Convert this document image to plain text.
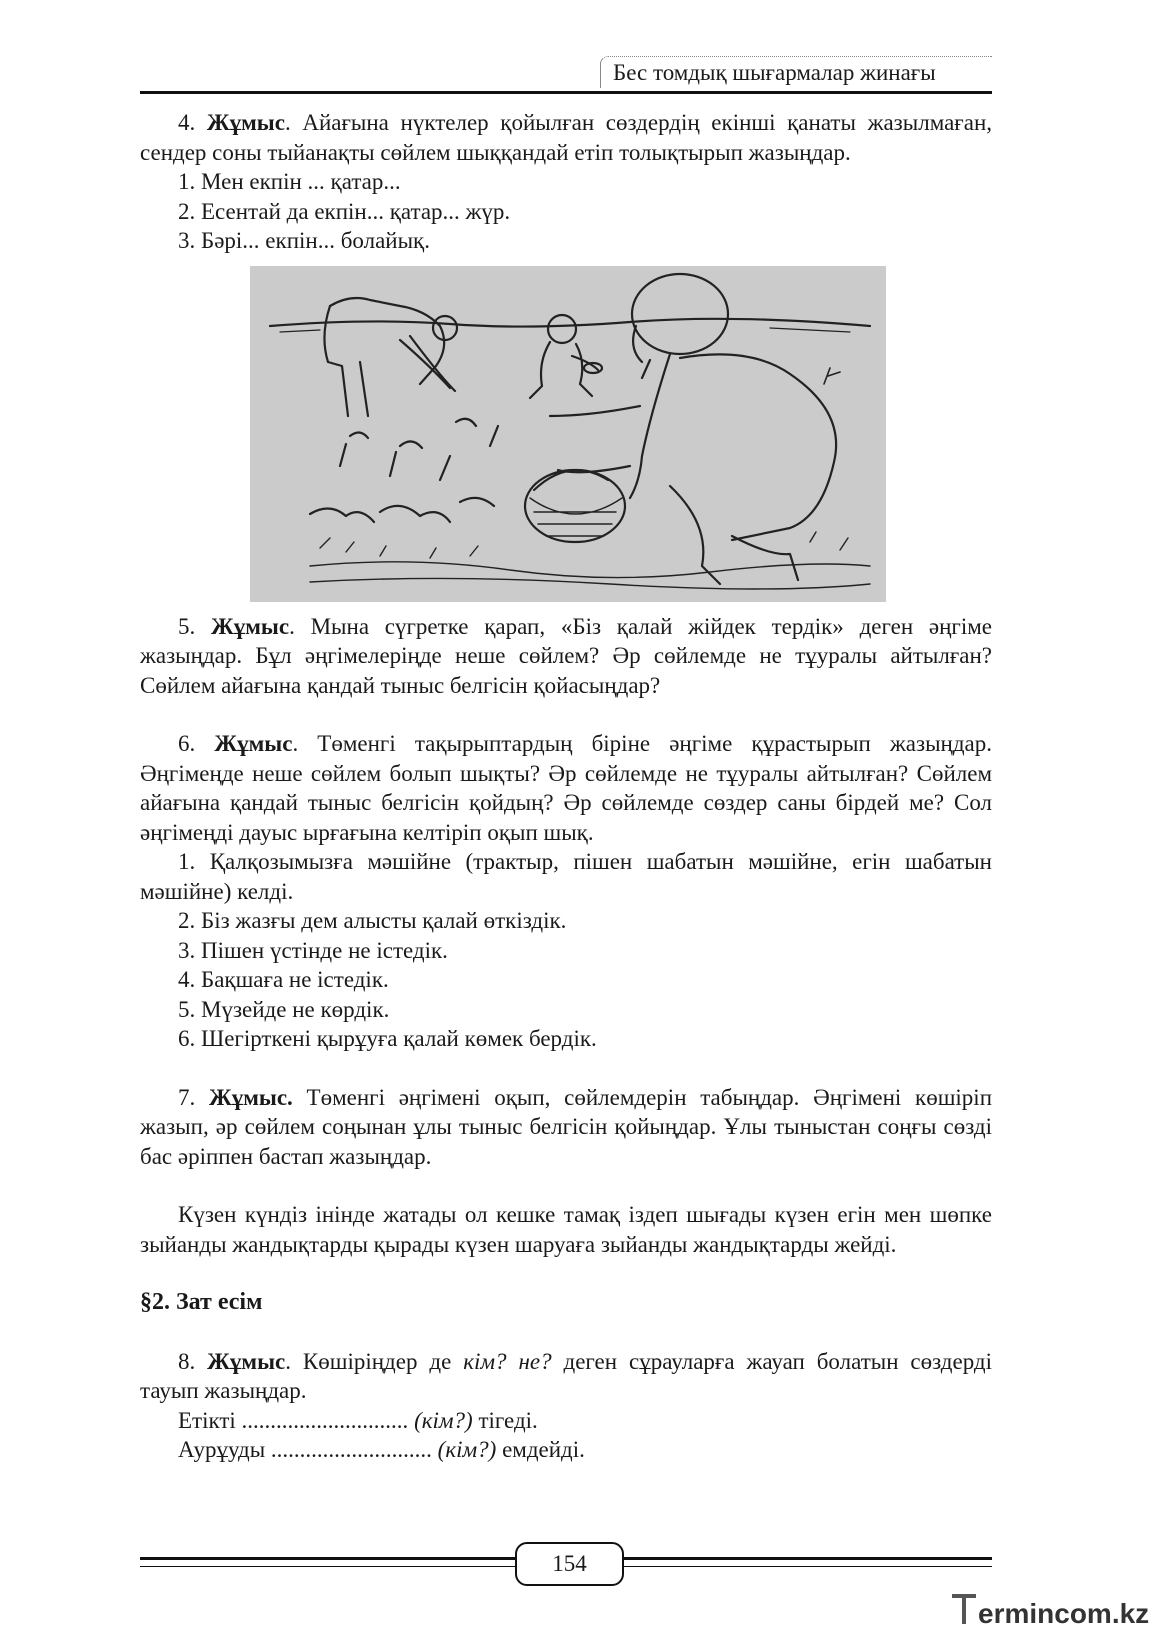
Бес томдық шығармалар жинағы

4. Жұмыс. Айағына нүктелер қойылған сөздердің екінші қанаты жазылмаған, сендер соны тыйанақты сөйлем шыққандай етіп толықтырып жазыңдар.

1. Мен екпін ... қатар...

2. Есентай да екпін... қатар... жүр.

3. Бәрі... екпін... болайық.

5. Жұмыс. Мына сүгретке қарап, «Біз қалай жійдек тердік» деген әңгіме жазыңдар. Бұл әңгімелеріңде неше сөйлем? Әр сөйлемде не тұуралы айтылған? Сөйлем айағына қандай тыныс белгісін қойасыңдар?

6. Жұмыс. Төменгі тақырыптардың біріне әңгіме құрастырып жазыңдар. Әңгімеңде неше сөйлем болып шықты? Әр сөйлемде не тұуралы айтылған? Сөйлем айағына қандай тыныс белгісін қойдың? Әр сөйлемде сөздер саны бірдей ме? Сол әңгімеңді дауыс ырғағына келтіріп оқып шық.

1. Қалқозымызға мәшійне (трактыр, пішен шабатын мәшійне, егін шабатын мәшійне) келді.

2. Біз жазғы дем алысты қалай өткіздік.

3. Пішен үстінде не істедік.

4. Бақшаға не істедік.

5. Мүзейде не көрдік.

6. Шегірткені қырұуға қалай көмек бердік.

7. Жұмыс. Төменгі әңгімені оқып, сөйлемдерін табыңдар. Әңгімені көшіріп жазып, әр сөйлем соңынан ұлы тыныс белгісін қойыңдар. Ұлы тыныстан соңғы сөзді бас әріппен бастап жазыңдар.

Күзен күндіз інінде жатады ол кешке тамақ іздеп шығады күзен егін мен шөпке зыйанды жандықтарды қырады күзен шаруаға зыйанды жандықтарды жейді.

§2. Зат есім

8. Жұмыс. Көшіріңдер де кім? не? деген сұрауларға жауап болатын сөздерді тауып жазыңдар.

Етікті ............................. (кім?) тігеді.

Аурұуды ............................ (кім?) емдейді.

154
ermincom.kz
